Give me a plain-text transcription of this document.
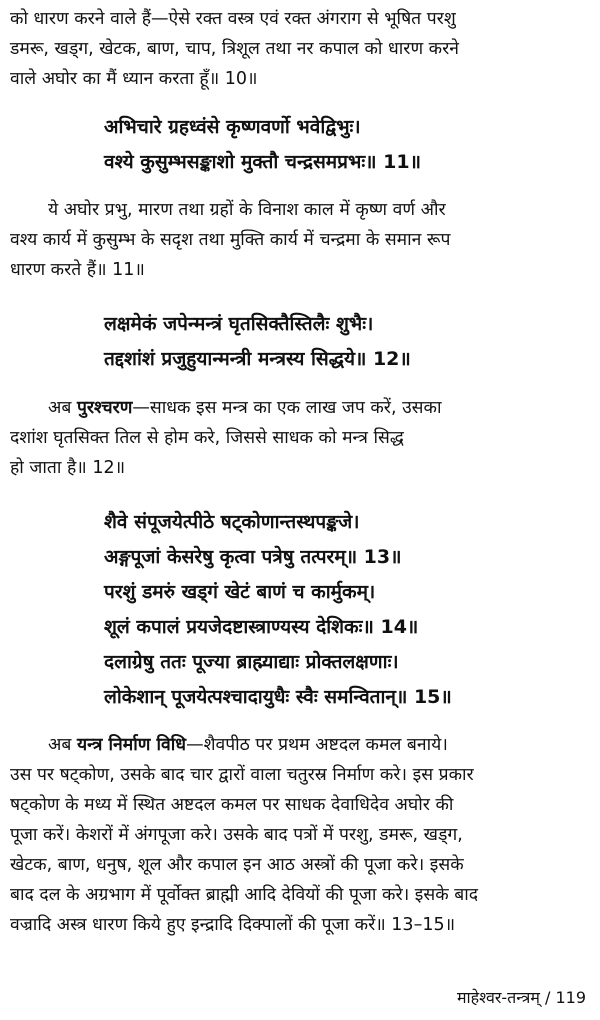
को धारण करने वाले हैं—ऐसे रक्त वस्त्र एवं रक्त अंगराग से भूषित परशु
डमरू, खड्ग, खेटक, बाण, चाप, त्रिशूल तथा नर कपाल को धारण करने
वाले अघोर का मैं ध्यान करता हूँ॥ 10॥
अभिचारे ग्रहध्वंसे कृष्णवर्णो भवेद्विभुः।
वश्ये कुसुम्भसङ्काशो मुक्तौ चन्द्रसमप्रभः॥ 11॥
ये अघोर प्रभु, मारण तथा ग्रहों के विनाश काल में कृष्ण वर्ण और
वश्य कार्य में कुसुम्भ के सदृश तथा मुक्ति कार्य में चन्द्रमा के समान रूप
धारण करते हैं॥ 11॥
लक्षमेकं जपेन्मन्त्रं घृतसिक्तैस्तिलैः शुभैः।
तद्दशांशं प्रजुहुयान्मन्त्री मन्त्रस्य सिद्धये॥ 12॥
अब पुरश्चरण—साधक इस मन्त्र का एक लाख जप करें, उसका
दशांश घृतसिक्त तिल से होम करे, जिससे साधक को मन्त्र सिद्ध
हो जाता है॥ 12॥
शैवे संपूजयेत्पीठे षट्कोणान्तस्थपङ्कजे।
अङ्गपूजां केसरेषु कृत्वा पत्रेषु तत्परम्॥ 13॥
परशुं डमरुं खड्गं खेटं बाणं च कार्मुकम्।
शूलं कपालं प्रयजेदष्टास्त्राण्यस्य देशिकः॥ 14॥
दलाग्रेषु ततः पूज्या ब्राह्म्याद्याः प्रोक्तलक्षणाः।
लोकेशान् पूजयेत्पश्चादायुधैः स्वैः समन्वितान्॥ 15॥
अब यन्त्र निर्माण विधि—शैवपीठ पर प्रथम अष्टदल कमल बनाये।
उस पर षट्कोण, उसके बाद चार द्वारों वाला चतुरस्र निर्माण करे। इस प्रकार
षट्कोण के मध्य में स्थित अष्टदल कमल पर साधक देवाधिदेव अघोर की
पूजा करें। केशरों में अंगपूजा करे। उसके बाद पत्रों में परशु, डमरू, खड्ग,
खेटक, बाण, धनुष, शूल और कपाल इन आठ अस्त्रों की पूजा करे। इसके
बाद दल के अग्रभाग में पूर्वोक्त ब्राह्मी आदि देवियों की पूजा करे। इसके बाद
वज्रादि अस्त्र धारण किये हुए इन्द्रादि दिक्पालों की पूजा करें॥ 13–15॥
माहेश्वर-तन्त्रम् / 119
